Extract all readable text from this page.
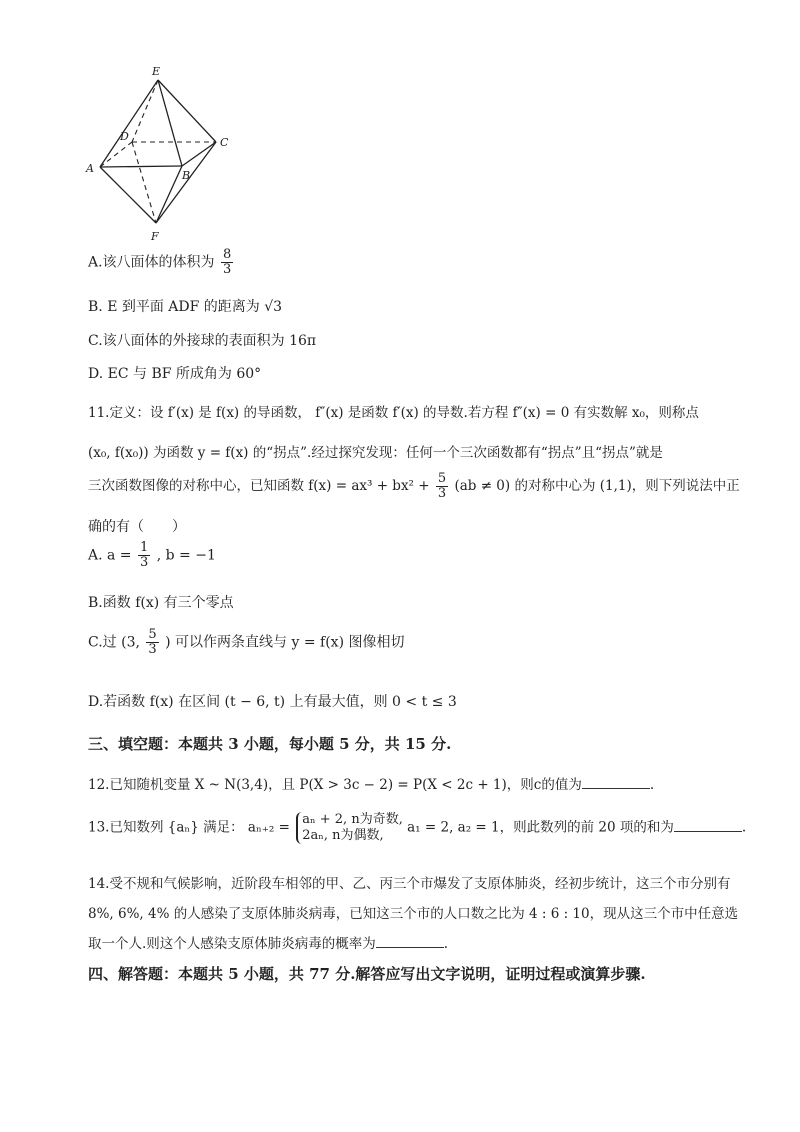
E
D	C
A
B
F
A.该八面体的体积为 $\frac{8}{3}$
B. E 到平面 ADF 的距离为 √3
C.该八面体的外接球的表面积为 16π
D. EC 与 BF 所成角为 60°
11.定义：设 f′(x) 是 f(x) 的导函数， f″(x) 是函数 f′(x) 的导数.若方程 f″(x) = 0 有实数解 x₀，则称点
(x₀, f(x₀)) 为函数 y = f(x) 的“拐点”.经过探究发现：任何一个三次函数都有“拐点”且“拐点”就是
三次函数图像的对称中心，已知函数 $f(x) = ax^3 + bx^2 + \frac{5}{3} (ab \ne 0)$ 的对称中心为 (1,1)，则下列说法中正
确的有（　　）
A. $a = \frac{1}{3}$ , b = −1
B.函数 f(x) 有三个零点
C.过 (3, $\frac{5}{3}$ ) 可以作两条直线与 y = f(x) 图像相切
D.若函数 f(x) 在区间 (t − 6, t) 上有最大值，则 0 < t ≤ 3
三、填空题：本题共 3 小题，每小题 5 分，共 15 分.
12.已知随机变量 X ~ N(3,4)，且 P(X > 3c − 2) = P(X < 2c + 1)，则c的值为	.
13.已知数列 {aₙ} 满足： aₙ₊₂ = aₙ + 2, n为奇数,
2aₙ, n为偶数,	a₁ = 2, a₂ = 1，则此数列的前 20 项的和为	.
14.受不规和气候影响，近阶段车相邻的甲、乙、丙三个市爆发了支原体肺炎，经初步统计，这三个市分别有
8%, 6%, 4% 的人感染了支原体肺炎病毒，已知这三个市的人口数之比为 4 : 6 : 10，现从这三个市中任意选
取一个人.则这个人感染支原体肺炎病毒的概率为	.
四、解答题：本题共 5 小题，共 77 分.解答应写出文字说明，证明过程或演算步骤.
